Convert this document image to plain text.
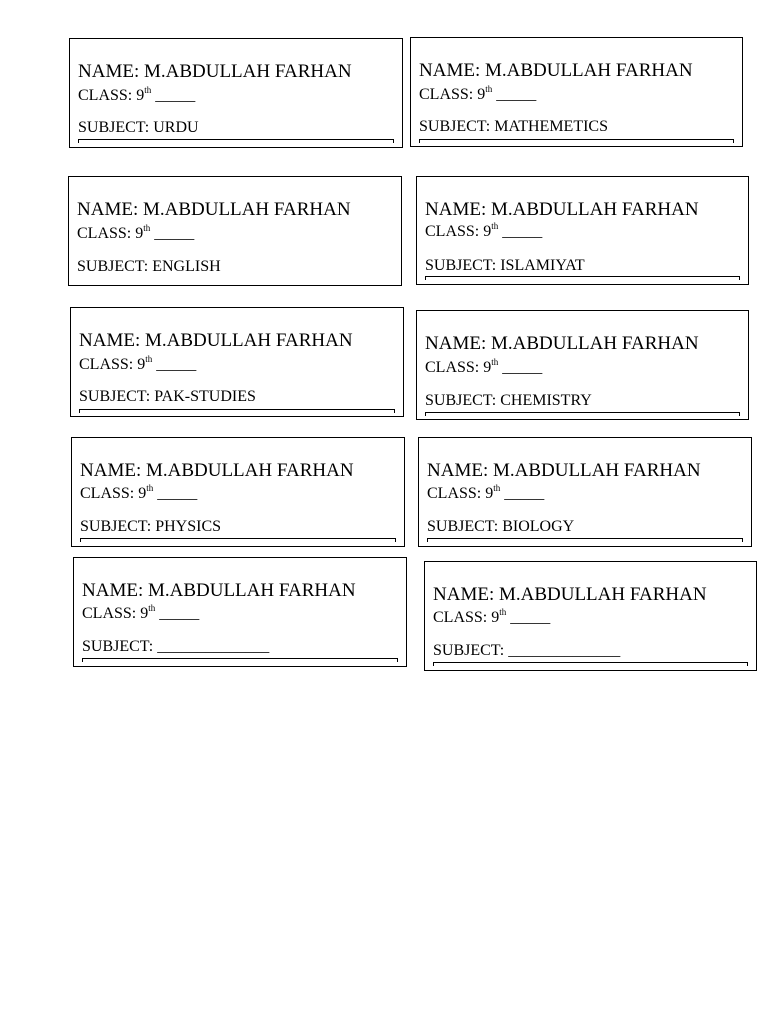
NAME: M.ABDULLAH FARHAN
CLASS: 9th _____
SUBJECT: URDU
NAME: M.ABDULLAH FARHAN
CLASS: 9th _____
SUBJECT: MATHEMETICS
NAME: M.ABDULLAH FARHAN
CLASS: 9th _____
SUBJECT: ENGLISH
NAME: M.ABDULLAH FARHAN
CLASS: 9th _____
SUBJECT: ISLAMIYAT
NAME: M.ABDULLAH FARHAN
CLASS: 9th _____
SUBJECT: PAK-STUDIES
NAME: M.ABDULLAH FARHAN
CLASS: 9th _____
SUBJECT: CHEMISTRY
NAME: M.ABDULLAH FARHAN
CLASS: 9th _____
SUBJECT: PHYSICS
NAME: M.ABDULLAH FARHAN
CLASS: 9th _____
SUBJECT: BIOLOGY
NAME: M.ABDULLAH FARHAN
CLASS: 9th _____
SUBJECT: ______________
NAME: M.ABDULLAH FARHAN
CLASS: 9th _____
SUBJECT: ______________
